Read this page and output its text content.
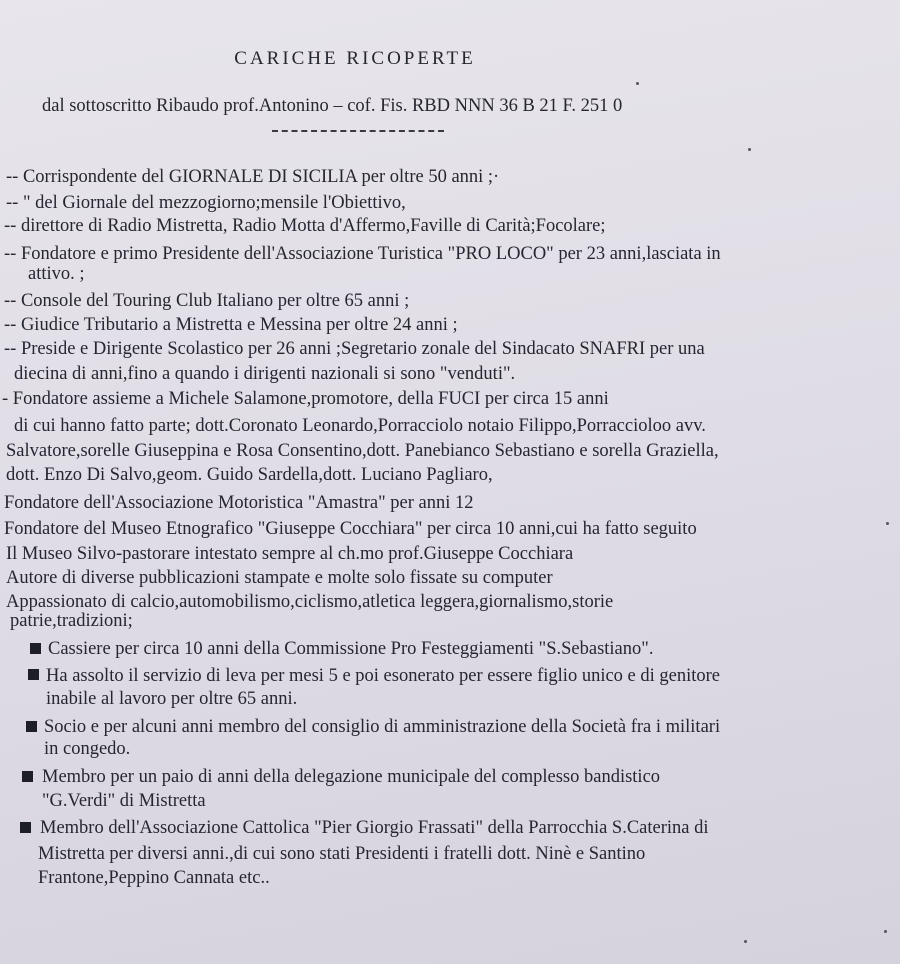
CARICHE RICOPERTE
dal sottoscritto Ribaudo prof.Antonino – cof. Fis. RBD NNN 36 B 21 F. 251 0
-- Corrispondente del GIORNALE DI SICILIA per oltre 50 anni ;·
-- " del Giornale del mezzogiorno;mensile l'Obiettivo,
-- direttore di Radio Mistretta, Radio Motta d'Affermo,Faville di Carità;Focolare;
-- Fondatore e primo Presidente dell'Associazione Turistica "PRO LOCO" per 23 anni,lasciata in
attivo. ;
-- Console del Touring Club Italiano per oltre 65 anni ;
-- Giudice Tributario a Mistretta e Messina per oltre 24 anni ;
-- Preside e Dirigente Scolastico per 26 anni ;Segretario zonale del Sindacato SNAFRI per una
diecina di anni,fino a quando i dirigenti nazionali si sono "venduti".
- Fondatore assieme a Michele Salamone,promotore, della FUCI per circa 15 anni
di cui hanno fatto parte; dott.Coronato Leonardo,Porracciolo notaio Filippo,Porraccioloo avv.
Salvatore,sorelle Giuseppina e Rosa Consentino,dott. Panebianco Sebastiano e sorella Graziella,
dott. Enzo Di Salvo,geom. Guido Sardella,dott. Luciano Pagliaro,
Fondatore dell'Associazione Motoristica "Amastra" per anni 12
Fondatore del Museo Etnografico "Giuseppe Cocchiara" per circa 10 anni,cui ha fatto seguito
Il Museo Silvo-pastorare intestato sempre al ch.mo prof.Giuseppe Cocchiara
Autore di diverse pubblicazioni stampate e molte solo fissate su computer
Appassionato di calcio,automobilismo,ciclismo,atletica leggera,giornalismo,storie
patrie,tradizioni;
Cassiere per circa 10 anni della Commissione Pro Festeggiamenti "S.Sebastiano".
Ha assolto il servizio di leva per mesi 5 e poi esonerato per essere figlio unico e di genitore
inabile al lavoro per oltre 65 anni.
Socio e per alcuni anni membro del consiglio di amministrazione della Società fra i militari
in congedo.
Membro per un paio di anni della delegazione municipale del complesso bandistico
"G.Verdi" di Mistretta
Membro dell'Associazione Cattolica "Pier Giorgio Frassati" della Parrocchia S.Caterina di
Mistretta per diversi anni.,di cui sono stati Presidenti i fratelli dott. Ninè e Santino
Frantone,Peppino Cannata etc..
